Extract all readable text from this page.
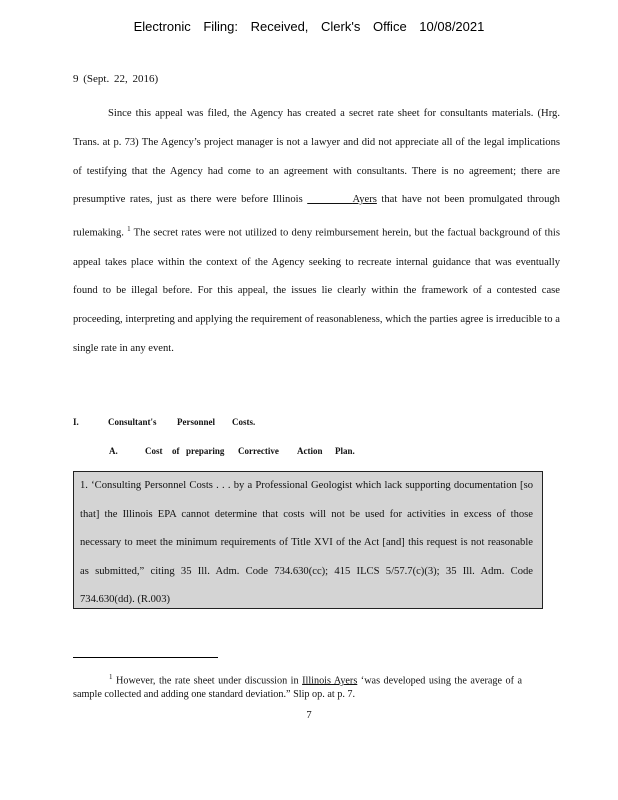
Electronic Filing: Received, Clerk's Office 10/08/2021
9 (Sept. 22, 2016)

Since this appeal was filed, the Agency has created a secret rate sheet for consultants materials. (Hrg. Trans. at p. 73) The Agency’s project manager is not a lawyer and did not appreciate all of the legal implications of testifying that the Agency had come to an agreement with consultants. There is no agreement; there are presumptive rates, just as there were before Illinois	Ayers that have not been promulgated through rulemaking. $^1$ The secret rates were not utilized to deny reimbursement herein, but the factual background of this appeal takes place within the context of the Agency seeking to recreate internal guidance that was eventually found to be illegal before. For this appeal, the issues lie clearly within the framework of a contested case proceeding, interpreting and applying the requirement of reasonableness, which the parties agree is irreducible to a single rate in any event.

I.	Consultant's Personnel Costs.
A.	Cost of preparing Corrective Action Plan.

1. ‘Consulting Personnel Costs . . . by a Professional Geologist which lack supporting documentation [so that] the Illinois EPA cannot determine that costs will not be used for activities in excess of those necessary to meet the minimum requirements of Title XVI of the Act [and] this request is not reasonable as submitted,” citing 35 Ill. Adm. Code 734.630(cc); 415 ILCS 5/57.7(c)(3); 35 Ill. Adm. Code 734.630(dd). (R.003)

$^1$ However, the rate sheet under discussion in Illinois Ayers ‘was developed using the average of a sample collected and adding one standard deviation.” Slip op. at p. 7.

7
